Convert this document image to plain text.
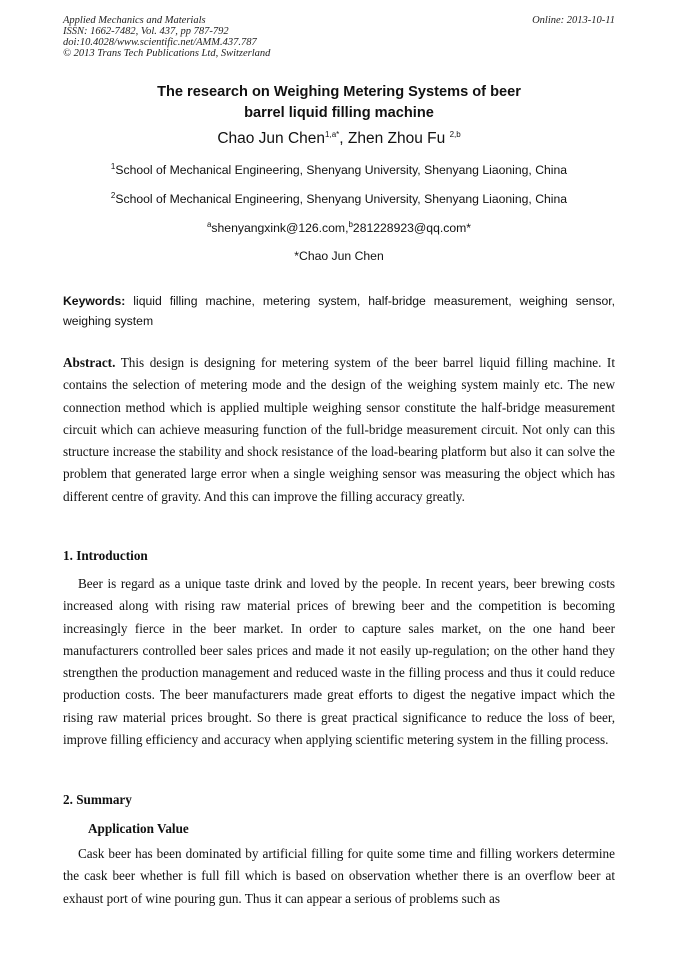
Applied Mechanics and Materials
ISSN: 1662-7482, Vol. 437, pp 787-792
doi:10.4028/www.scientific.net/AMM.437.787
© 2013 Trans Tech Publications Ltd, Switzerland
Online: 2013-10-11
The research on Weighing Metering Systems of beer
barrel liquid filling machine
Chao Jun Chen$^{1,a*}$, Zhen Zhou Fu $^{2,b}$
$^1$School of Mechanical Engineering, Shenyang University, Shenyang Liaoning, China
$^2$School of Mechanical Engineering, Shenyang University, Shenyang Liaoning, China
$^a$shenyangxink@126.com,$^b$281228923@qq.com*
*Chao Jun Chen
Keywords: liquid filling machine, metering system, half-bridge measurement, weighing sensor, weighing system
Abstract. This design is designing for metering system of the beer barrel liquid filling machine. It contains the selection of metering mode and the design of the weighing system mainly etc. The new connection method which is applied multiple weighing sensor constitute the half-bridge measurement circuit which can achieve measuring function of the full-bridge measurement circuit. Not only can this structure increase the stability and shock resistance of the load-bearing platform but also it can solve the problem that generated large error when a single weighing sensor was measuring the object which has different centre of gravity. And this can improve the filling accuracy greatly.
1. Introduction
Beer is regard as a unique taste drink and loved by the people. In recent years, beer brewing costs increased along with rising raw material prices of brewing beer and the competition is becoming increasingly fierce in the beer market. In order to capture sales market, on the one hand beer manufacturers controlled beer sales prices and made it not easily up-regulation; on the other hand they strengthen the production management and reduced waste in the filling process and thus it could reduce production costs. The beer manufacturers made great efforts to digest the negative impact which the rising raw material prices brought. So there is great practical significance to reduce the loss of beer, improve filling efficiency and accuracy when applying scientific metering system in the filling process.
2. Summary
Application Value
Cask beer has been dominated by artificial filling for quite some time and filling workers determine the cask beer whether is full fill which is based on observation whether there is an overflow beer at exhaust port of wine pouring gun. Thus it can appear a serious of problems such as
